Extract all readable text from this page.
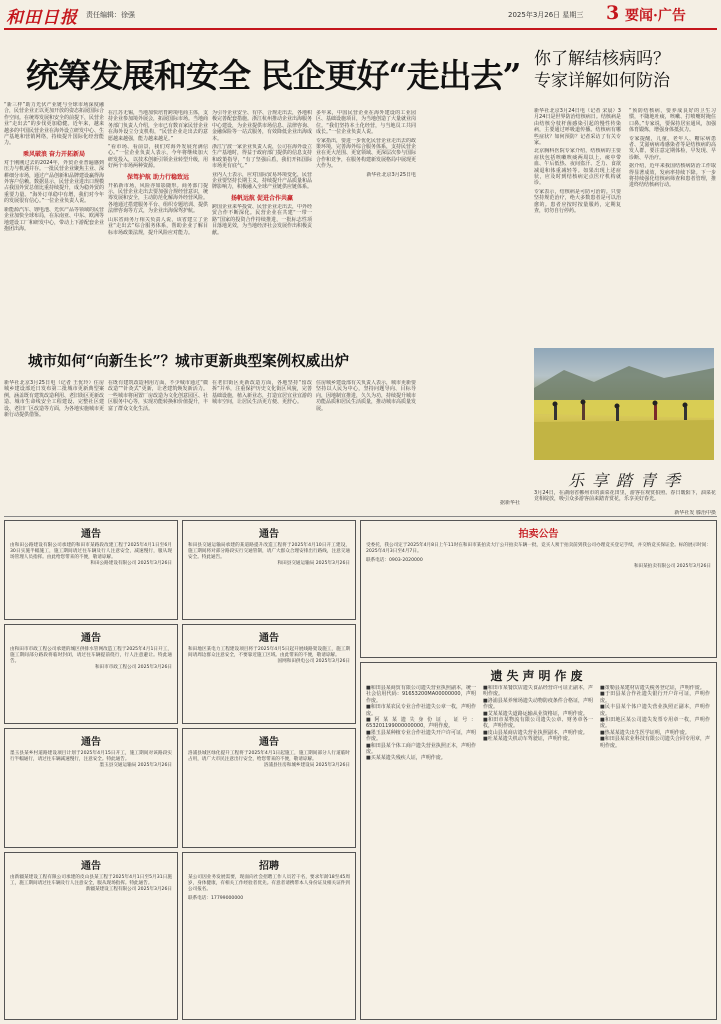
和田日报 责任编辑：徐强	2025年3月26日 星期三 3 要闻·广告
统筹发展和安全 民企更好“走出去”
“新三样”助力光伏产业链与全球市场深度融合，民营企业正以更加开放的姿态拓展国际合作空间。在统筹发展和安全的前提下，民营企业“走出去”的步伐更加稳健。近年来，越来越多的中国民营企业在海外设立研发中心、生产基地和营销网络，持续提升国际化经营能力。
乘风破浪 奋力开拓新局
对于刚刚过去的2024年，外贸企业普遍感到压力与机遇并存。一批民营企业聚焦主业、深耕细分市场，通过产品创新和品牌建设赢得海外客户信赖。数据显示，民营企业进出口规模占我国外贸总值比重持续提升，成为稳外贸的重要力量。“海外订单稳中有增，我们对今年的发展很有信心。”一位企业负责人说。
新能源汽车、锂电池、光伏产品等领域的民营企业加快全球布局，在东南亚、中东、欧洲等地建设工厂和研发中心，带动上下游配套企业抱团出海。
在江苏无锡，当地加快培育跨境电商主体，支持企业参加境外展会，拓展国际市场。当地商务部门负责人介绍，全市已有数百家民营企业在海外设立分支机构，“民营企业走出去的意愿越来越强，能力越来越足。”
“看市场、看前景，我们对海外发展充满信心。”一位企业负责人表示，今年将继续加大研发投入，以技术创新引领企业转型升级，用好两个市场两种资源。
保驾护航 助力行稳致远
开拓新市场，风险亦如影随形。商务部门提示，民营企业走出去要加强合规经营意识，统筹发展和安全，主动防范化解海外经营风险。各地通过搭建服务平台、组织专题培训、提供法律咨询等方式，为企业出海保驾护航。
山东省商务厅相关负责人说，该省建立了企业“走出去”综合服务体系，帮助企业了解目标市场政策法规，提升风险应对能力。
为引导企业安全、有序、合规走出去，各地积极完善配套措施。浙江杭州推动企业出海服务中心建设，为企业提供市场信息、法律咨询、金融保险等一站式服务，有效降低企业出海成本。
浙江宁波一家企业负责人说，公司在海外设立生产基地时，得益于政府部门提供的信息支持和政策指导，“有了坚强后盾，我们开拓国际市场更有底气。”
业内人士表示，应对国际贸易环境变化，民营企业要坚持长期主义，持续提升产品质量和品牌影响力，积极融入全球产业链供应链体系。
扬帆远航 促进合作共赢
跨国企业来华投资、民营企业走出去，中外经贸合作不断深化。民营企业在共建“一带一路”国家的投资合作持续推进，一批标志性项目落地见效，为当地经济社会发展作出积极贡献。
多年来，中国民营企业在海外建设的工业园区、基础设施项目，为当地创造了大量就业岗位。“我们坚持本土化经营，与当地员工共同成长。”一位企业负责人说。
专家指出，要进一步优化民营企业走出去的政策环境，完善海外综合服务体系，支持民营企业在更大范围、更宽领域、更深层次参与国际合作和竞争，在服务构建新发展格局中展现更大作为。
新华社北京3月25日电
你了解结核病吗？
专家详解如何防治
新华社北京3月24日电（记者 宋晨）3月24日是世界防治结核病日。结核病是由结核分枝杆菌感染引起的慢性传染病，主要通过呼吸道传播。结核病有哪些症状？如何预防？记者采访了有关专家。
北京胸科医院专家介绍，结核病的主要症状包括咳嗽咳痰两周以上、痰中带血、午后低热、夜间盗汗、乏力、食欲减退和体重减轻等。如果出现上述症状，应及时到结核病定点医疗机构就诊。
专家表示，结核病是可防可治的。只要坚持规范治疗，绝大多数患者是可以治愈的。患者应按时按量服药，定期复查，切勿自行停药。
“预防结核病，要养成良好的卫生习惯，不随地吐痰，咳嗽、打喷嚏时掩住口鼻。”专家说，要保持居室通风，加强体育锻炼，增强身体抵抗力。
专家提醒，儿童、老年人、糖尿病患者、艾滋病病毒感染者等是结核病的高发人群，要注意定期体检，早发现、早诊断、早治疗。
据介绍，近年来我国结核病防治工作取得显著成效，发病率持续下降。下一步将持续强化结核病筛查和患者管理，推进终结结核病行动。
乐享踏青季
3月24日，在湖南省郴州市的油菜花田里，游客在观赏拍照。春日暖阳下，油菜花竞相绽放，吸引众多游客前来踏青赏花，乐享美好春光。
新华社发 滕治中摄
城市如何“向新生长”？城市更新典型案例权威出炉
新华社北京3月25日电（记者 王优玲）住房城乡建设部近日发布第二批城市更新典型案例，涵盖既有建筑改造利用、老旧街区更新改造、城市生命线安全工程建设、完整社区建设、老旧厂区改造等方面，为各地实施城市更新行动提供借鉴。
在既有建筑改造利用方面，不少城市通过“微改造”“针灸式”更新，让老建筑焕发新活力。一些城市将闲置厂房改造为文化创意园区、社区服务中心等，实现功能转换和价值提升，丰富了群众文化生活。
在老旧街区更新改造方面，各地坚持“留改拆”并举，注重保护历史文化街区风貌，完善基础设施，植入新业态，打造宜居宜业宜游的城市空间，让居民生活更方便、更舒心。
住房城乡建设部有关负责人表示，城市更新要坚持以人民为中心，坚持问题导向、目标导向，因地制宜推进，久久为功，持续提升城市功能品质和居民生活质量，推动城市高质量发展。
据新华社
通告
由和田公路建设有限公司承建的和田市某路段改建工程于2025年4月1日至6月30日实施半幅施工，施工期间请过往车辆及行人注意安全，减速慢行，服从现场管理人员指挥。由此给您带来的不便，敬请谅解。
和田公路建设有限公司 2025年3月26日
通告
和田县交通运输局承建的某道路提升改造工程将于2025年4月10日开工建设，施工期间将对部分路段实行交通管制，请广大群众合理安排出行路线，注意交通安全。特此通告。
和田县交通运输局 2025年3月26日
通告
由和田市市政工程公司承建的城区供排水管网改造工程于2025年4月1日开工，施工期间部分路段将临时封闭，请过往车辆提前绕行，行人注意避让。特此通告。
和田市市政工程公司 2025年3月26日
通告
和田地区某电力工程建设项目将于2025年4月5日起开展线路架设施工，施工期间请周边群众注意安全，不要靠近施工区域。由此带来的不便，敬请谅解。
国网和田供电公司 2025年3月26日
通告
墨玉县某乡村道路建设项目计划于2025年4月15日开工，施工期间对该路段实行半幅通行，请过往车辆减速慢行，注意安全。特此通告。
墨玉县交通运输局 2025年3月26日
通告
洛浦县城区绿化提升工程将于2025年4月1日起施工，施工期间部分人行道临时占用，请广大市民注意出行安全，给您带来的不便，敬请谅解。
洛浦县住房和城乡建设局 2025年3月26日
通告
由新疆某建设工程有限公司承建的皮山县某工程于2025年4月1日至5月31日施工，施工期间请过往车辆及行人注意安全，服从现场指挥。特此通告。
新疆某建设工程有限公司 2025年3月26日
招聘
某公司因业务发展需要，现面向社会招聘工作人员若干名，要求年龄18至45周岁，身体健康，有相关工作经验者优先。有意者请携带本人身份证及相关证件到公司报名。
联系电话：17799000000
拍卖公告
受委托，我公司定于2025年4月8日上午11时在和田市某拍卖大厅公开拍卖车辆一批，竞买人须于拍卖前到我公司办理竞买登记手续，并交纳竞买保证金。标的展示时间：2025年4月3日至4月7日。
联系电话：0903-2020000
和田某拍卖有限公司 2025年3月26日
遗失声明作废
■和田县某商贸有限公司遗失营业执照副本，统一社会信用代码：91653200MA00000000，声明作废。
■和田市某农民专业合作社遗失公章一枚，声明作废。
■阿某某遗失身份证，证号：653201199000000000，声明作废。
■墨玉县某种植专业合作社遗失开户许可证，声明作废。
■和田县某个体工商户遗失营业执照正本，声明作废。
■买某某遗失残疾人证，声明作废。
■和田市某餐饮店遗失食品经营许可证正副本，声明作废。
■洛浦县某养殖场遗失动物防疫条件合格证，声明作废。
■艾某某遗失道路运输从业资格证，声明作废。
■和田市某物流有限公司遗失公章、财务章各一枚，声明作废。
■皮山县某商店遗失营业执照副本，声明作废。
■吐某某遗失机动车驾驶证，声明作废。
■策勒县某建材店遗失税务登记证，声明作废。
■于田县某合作社遗失银行开户许可证，声明作废。
■民丰县某个体户遗失营业执照正副本，声明作废。
■和田地区某公司遗失发票专用章一枚，声明作废。
■热某某遗失出生医学证明，声明作废。
■和田县某农业科技有限公司遗失合同专用章，声明作废。
